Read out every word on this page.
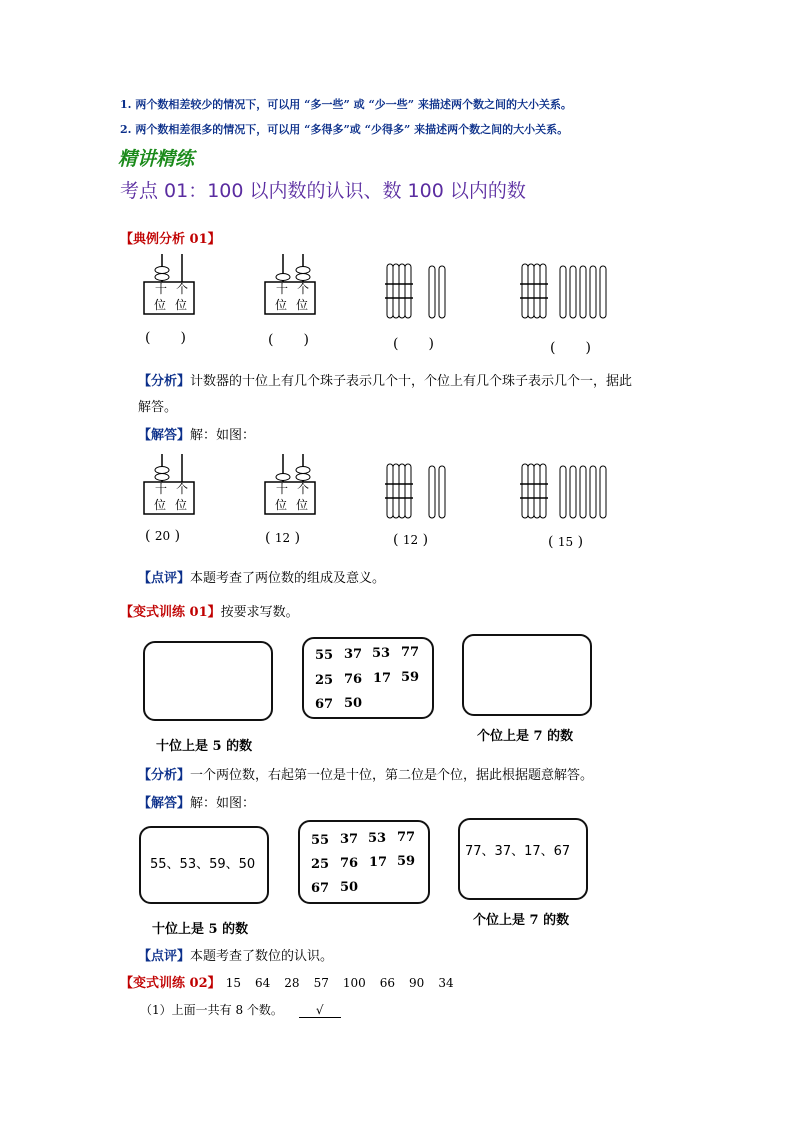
1. 两个数相差较少的情况下，可以用 “多一些” 或 “少一些” 来描述两个数之间的大小关系。
2. 两个数相差很多的情况下，可以用 “多得多”或 “少得多” 来描述两个数之间的大小关系。
精讲精练
考点 01：100 以内数的认识、数 100 以内的数
【典例分析 01】
十 个
位 位
十 个
位 位
( )	( )	( )	( )
【分析】计数器的十位上有几个珠子表示几个十，个位上有几个珠子表示几个一，据此
解答。
【解答】解：如图：
十 个
位 位
十 个
位 位
( 20 )	( 12 )	( 12 )	( 15 )
【点评】本题考查了两位数的组成及意义。
【变式训练 01】按要求写数。
55 37 53 77
25 76 17 59
67 50
十位上是 5 的数
个位上是 7 的数
【分析】一个两位数，右起第一位是十位，第二位是个位，据此根据题意解答。
【解答】解：如图：
55、53、59、50
55 37 53 77
25 76 17 59
67 50
77、37、17、67
十位上是 5 的数
个位上是 7 的数
【点评】本题考查了数位的认识。
【变式训练 02】 15 64 28 57 100 66 90 34
（1）上面一共有 8 个数。	√
